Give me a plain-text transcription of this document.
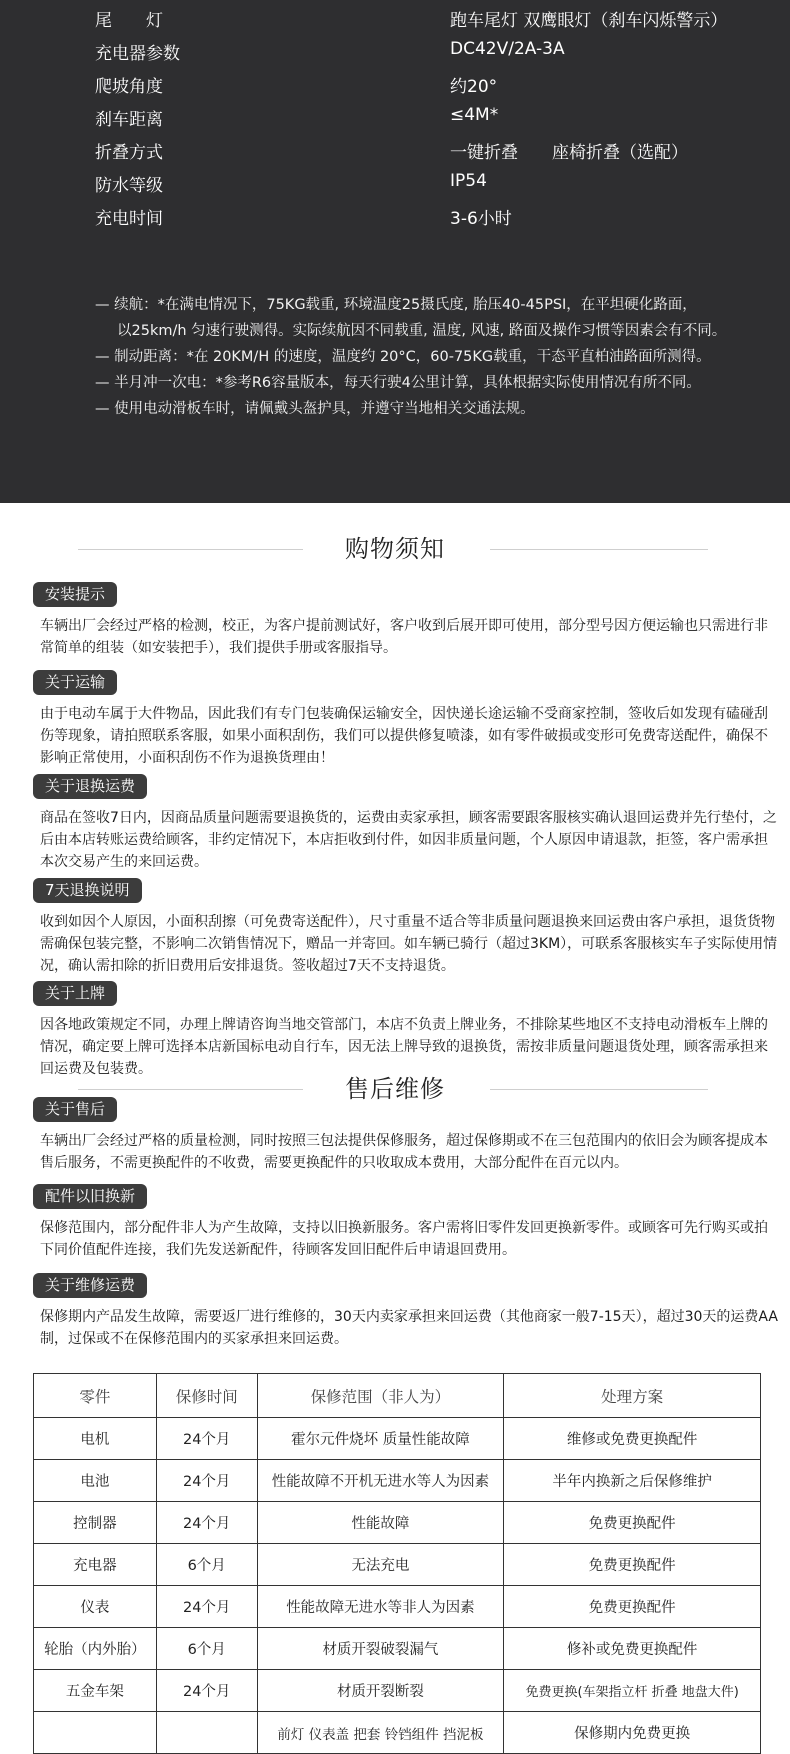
尾　　灯	跑车尾灯 双鹰眼灯（刹车闪烁警示）
充电器参数	DC42V/2A-3A
爬坡角度	约20°
刹车距离	≤4M*
折叠方式	一键折叠　　座椅折叠（选配）
防水等级	IP54
充电时间	3-6小时
— 续航：*在满电情况下，75KG载重, 环境温度25摄氏度, 胎压40-45PSI，在平坦硬化路面，
以25km/h 匀速行驶测得。实际续航因不同载重, 温度, 风速, 路面及操作习惯等因素会有不同。
— 制动距离：*在 20KM/H 的速度，温度约 20°C，60-75KG载重，干态平直柏油路面所测得。
— 半月冲一次电：*参考R6容量版本，每天行驶4公里计算，具体根据实际使用情况有所不同。
— 使用电动滑板车时，请佩戴头盔护具，并遵守当地相关交通法规。
购物须知
安装提示
车辆出厂会经过严格的检测，校正，为客户提前测试好，客户收到后展开即可使用，部分型号因方便运输也只需进行非常简单的组装（如安装把手），我们提供手册或客服指导。
关于运输
由于电动车属于大件物品，因此我们有专门包装确保运输安全，因快递长途运输不受商家控制，签收后如发现有磕碰刮伤等现象，请拍照联系客服，如果小面积刮伤，我们可以提供修复喷漆，如有零件破损或变形可免费寄送配件，确保不影响正常使用，小面积刮伤不作为退换货理由！
关于退换运费
商品在签收7日内，因商品质量问题需要退换货的，运费由卖家承担，顾客需要跟客服核实确认退回运费并先行垫付，之后由本店转账运费给顾客，非约定情况下，本店拒收到付件，如因非质量问题，个人原因申请退款，拒签，客户需承担本次交易产生的来回运费。
7天退换说明
收到如因个人原因，小面积刮擦（可免费寄送配件），尺寸重量不适合等非质量问题退换来回运费由客户承担，退货货物需确保包装完整，不影响二次销售情况下，赠品一并寄回。如车辆已骑行（超过3KM），可联系客服核实车子实际使用情况，确认需扣除的折旧费用后安排退货。签收超过7天不支持退货。
关于上牌
因各地政策规定不同，办理上牌请咨询当地交管部门，本店不负责上牌业务，不排除某些地区不支持电动滑板车上牌的情况，确定要上牌可选择本店新国标电动自行车，因无法上牌导致的退换货，需按非质量问题退货处理，顾客需承担来回运费及包装费。
售后维修
关于售后
车辆出厂会经过严格的质量检测，同时按照三包法提供保修服务，超过保修期或不在三包范围内的依旧会为顾客提成本售后服务，不需更换配件的不收费，需要更换配件的只收取成本费用，大部分配件在百元以内。
配件以旧换新
保修范围内，部分配件非人为产生故障，支持以旧换新服务。客户需将旧零件发回更换新零件。或顾客可先行购买或拍下同价值配件连接，我们先发送新配件，待顾客发回旧配件后申请退回费用。
关于维修运费
保修期内产品发生故障，需要返厂进行维修的，30天内卖家承担来回运费（其他商家一般7-15天），超过30天的运费AA制，过保或不在保修范围内的买家承担来回运费。
零件	保修时间	保修范围（非人为）	处理方案
电机	24个月	霍尔元件烧坏 质量性能故障	维修或免费更换配件
电池	24个月	性能故障不开机无进水等人为因素	半年内换新之后保修维护
控制器	24个月	性能故障	免费更换配件
充电器	6个月	无法充电	免费更换配件
仪表	24个月	性能故障无进水等非人为因素	免费更换配件
轮胎（内外胎）	6个月	材质开裂破裂漏气	修补或免费更换配件
五金车架	24个月	材质开裂断裂	免费更换(车架指立杆 折叠 地盘大件)
		前灯 仪表盖 把套 铃铛组件 挡泥板	保修期内免费更换
